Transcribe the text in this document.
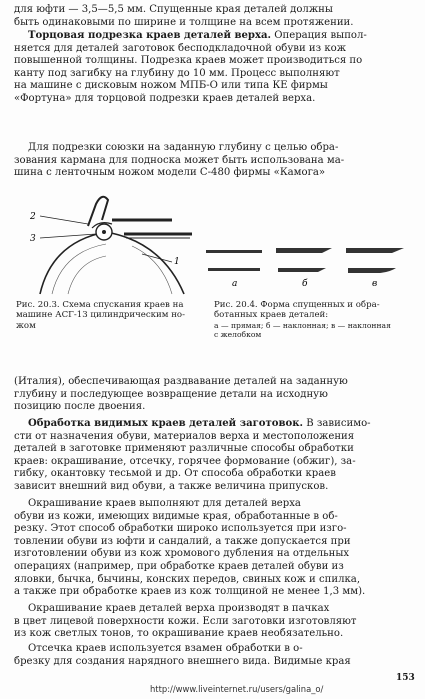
для юфти — 3,5—5,5 мм. Спущенные края деталей должны
быть одинаковыми по ширине и толщине на всем протяжении.

Торцовая подрезка краев деталей верха. Операция выпол-
няется для деталей заготовок бесподкладочной обуви из кож
повышенной толщины. Подрезка краев может производиться по
канту под загибку на глубину до 10 мм. Процесс выполняют
на машине с дисковым ножом МПБ-О или типа КЕ фирмы
«Фортуна» для торцовой подрезки краев деталей верха.

Для подрезки союзки на заданную глубину с целью обра-
зования кармана для подноска может быть использована ма-
шина с ленточным ножом модели С-480 фирмы «Камога»

2
3
1
а	б	в
Рис. 20.3. Схема спускания краев на
машине АСГ-13 цилиндрическим но-
жом
Рис. 20.4. Форма спущенных и обра-
ботанных краев деталей:
а — прямая; б — наклонная; в — наклонная
с желобком

(Италия), обеспечивающая раздвавание деталей на заданную
глубину и последующее возвращение детали на исходную
позицию после двоения.

Обработка видимых краев деталей заготовок. В зависимо-
сти от назначения обуви, материалов верха и местоположения
деталей в заготовке применяют различные способы обработки
краев: окрашивание, отсечку, горячее формование (обжиг), за-
гибку, окантовку тесьмой и др. От способа обработки краев
зависит внешний вид обуви, а также величина припусков.

Окрашивание краев выполняют для деталей верха
обуви из кожи, имеющих видимые края, обработанные в об-
резку. Этот способ обработки широко используется при изго-
товлении обуви из юфти и сандалий, а также допускается при
изготовлении обуви из кож хромового дубления на отдельных
операциях (например, при обработке краев деталей обуви из
яловки, бычка, бычины, конских передов, свиных кож и спилка,
а также при обработке краев из кож толщиной не менее 1,3 мм).

Окрашивание краев деталей верха производят в пачках
в цвет лицевой поверхности кожи. Если заготовки изготовляют
из кож светлых тонов, то окрашивание краев необязательно.

Отсечка краев используется взамен обработки в о-
брезку для создания нарядного внешнего вида. Видимые края

153
http://www.liveinternet.ru/users/galina_o/
